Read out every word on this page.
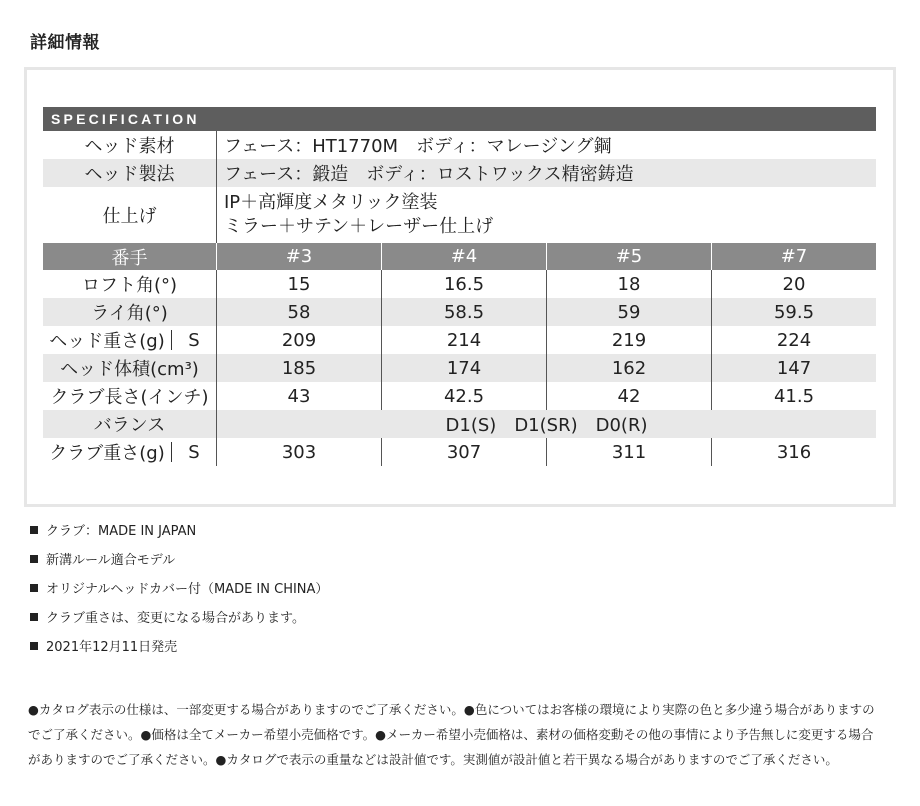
詳細情報
SPECIFICATION
ヘッド素材	フェース：HT1770M　ボディ：マレージング鋼
ヘッド製法	フェース：鍛造　ボディ：ロストワックス精密鋳造
仕上げ
IP＋高輝度メタリック塗装
ミラー＋サテン＋レーザー仕上げ
番手	#3	#4	#5	#7
ロフト角(°)	15	16.5	18	20
ライ角(°)	58	58.5	59	59.5
ヘッド重さ(g)	S	209	214	219	224
ヘッド体積(cm³)	185	174	162	147
クラブ長さ(インチ)	43	42.5	42	41.5
バランス	D1(S)　D1(SR)　D0(R)
クラブ重さ(g)	S	303	307	311	316
クラブ：MADE IN JAPAN
新溝ルール適合モデル
オリジナルヘッドカバー付（MADE IN CHINA）
クラブ重さは、変更になる場合があります。
2021年12月11日発売

●カタログ表示の仕様は、一部変更する場合がありますのでご了承ください。●色についてはお客様の環境により実際の色と多少違う場合がありますの

でご了承ください。●価格は全てメーカー希望小売価格です。●メーカー希望小売価格は、素材の価格変動その他の事情により予告無しに変更する場合

がありますのでご了承ください。●カタログで表示の重量などは設計値です。実測値が設計値と若干異なる場合がありますのでご了承ください。
